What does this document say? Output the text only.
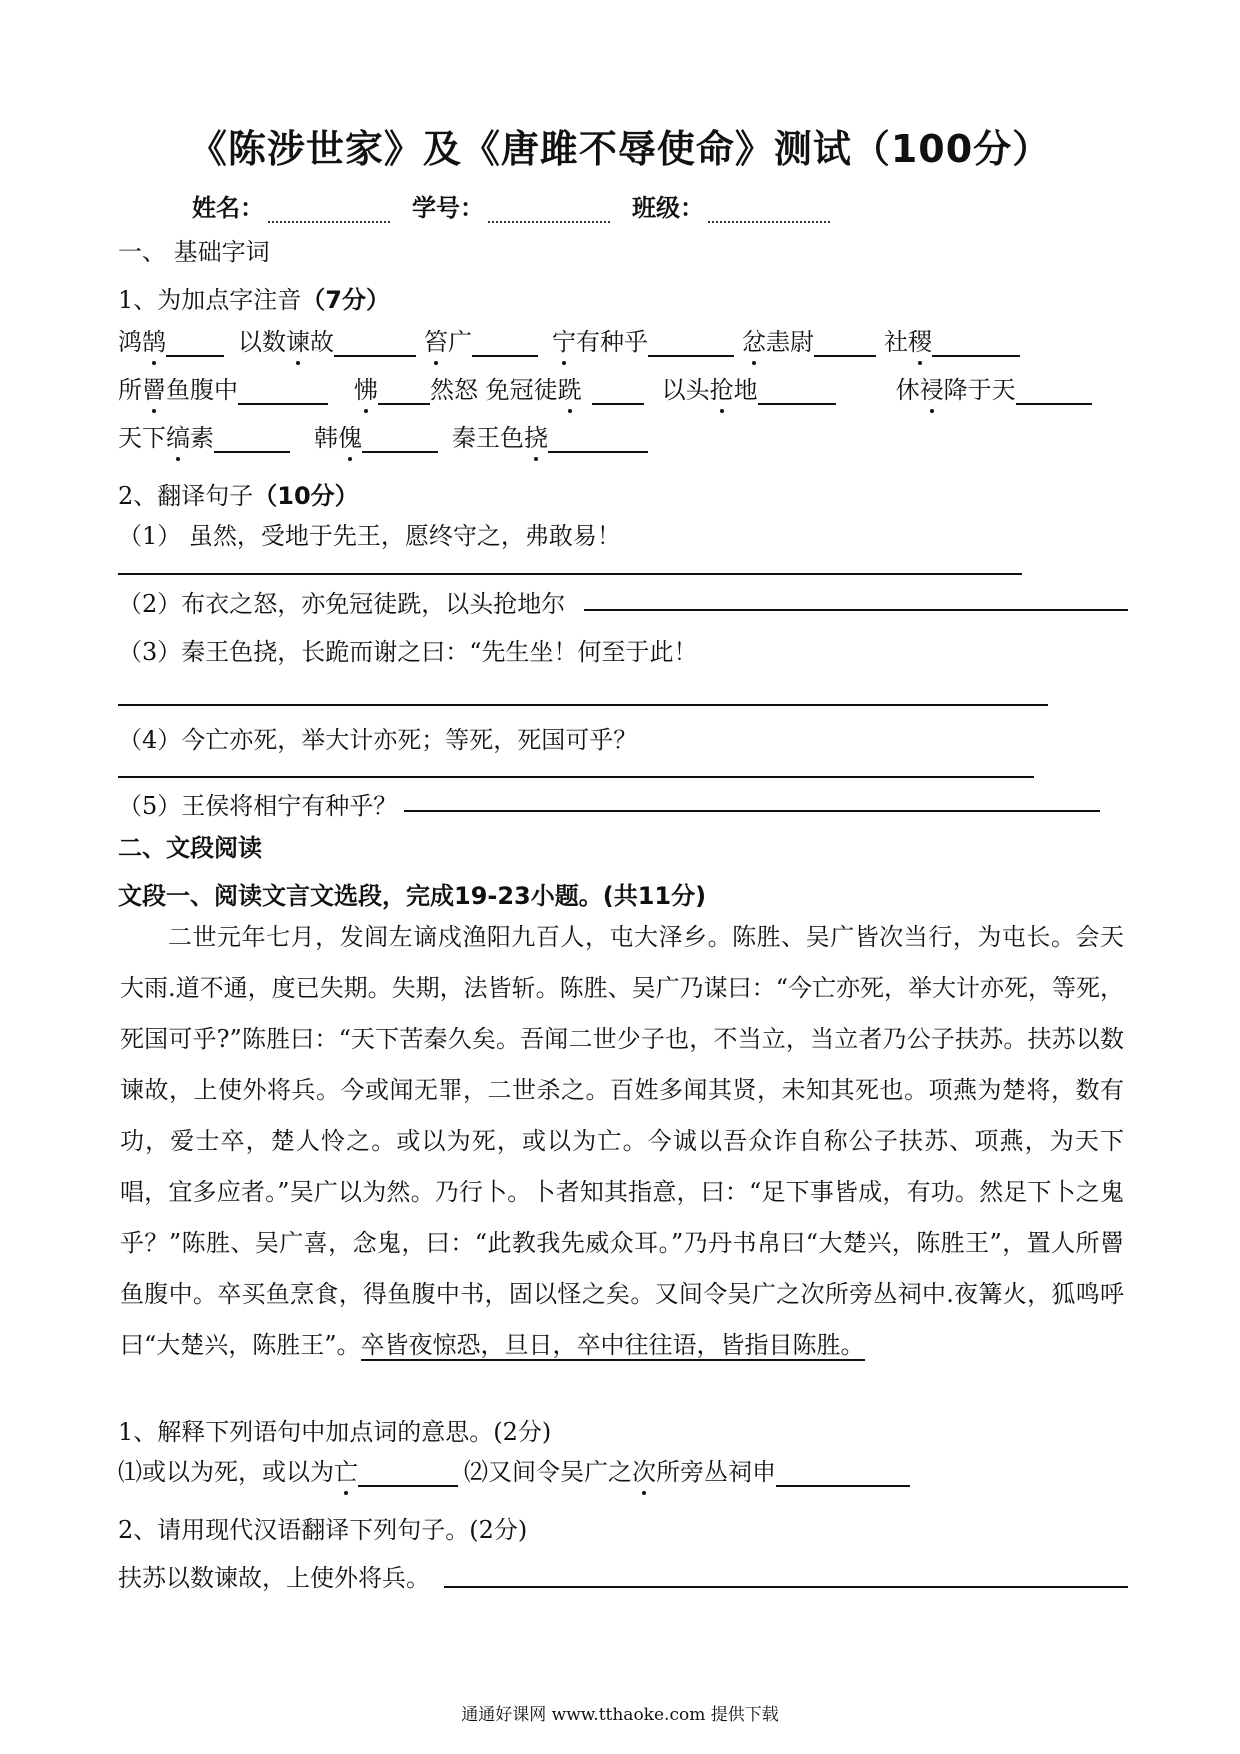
《陈涉世家》及《唐雎不辱使命》测试（100分）
姓名：	学号：	班级：
一、 基础字词
1、为加点字注音（7分）
鸿鹄	以数谏故	笞广	宁有种乎	忿恚尉	社稷
所罾鱼腹中	怫 然怒 免冠徒跣	以头抢地	休祲降于天
天下缟素	韩傀	秦王色挠
2、翻译句子（10分）
（1） 虽然，受地于先王，愿终守之，弗敢易！
（2）布衣之怒，亦免冠徒跣，以头抢地尔
（3）秦王色挠，长跪而谢之曰：“先生坐！何至于此！
（4）今亡亦死，举大计亦死；等死，死国可乎？
（5）王侯将相宁有种乎？
二、文段阅读
文段一、阅读文言文选段，完成19-23小题。(共11分)

二世元年七月，发闾左谪戍渔阳九百人，屯大泽乡。陈胜、吴广皆次当行，为屯长。会天大雨.道不通，度已失期。失期，法皆斩。陈胜、吴广乃谋曰：“今亡亦死，举大计亦死，等死，死国可乎?”陈胜曰：“天下苦秦久矣。吾闻二世少子也，不当立，当立者乃公子扶苏。扶苏以数谏故，上使外将兵。今或闻无罪，二世杀之。百姓多闻其贤，未知其死也。项燕为楚将，数有功，爱士卒，楚人怜之。或以为死，或以为亡。今诚以吾众诈自称公子扶苏、项燕，为天下唱，宜多应者。”吴广以为然。乃行卜。卜者知其指意，曰：“足下事皆成，有功。然足下卜之鬼乎？”陈胜、吴广喜，念鬼，曰：“此教我先威众耳。”乃丹书帛曰“大楚兴，陈胜王”，置人所罾鱼腹中。卒买鱼烹食，得鱼腹中书，固以怪之矣。又间令吴广之次所旁丛祠中.夜篝火，狐鸣呼曰“大楚兴，陈胜王”。卒皆夜惊恐，旦日，卒中往往语，皆指目陈胜。

1、解释下列语句中加点词的意思。(2分)
⑴或以为死，或以为亡	⑵又间令吴广之次所旁丛祠申
2、请用现代汉语翻译下列句子。(2分)
扶苏以数谏故，上使外将兵。
通通好课网 www.tthaoke.com 提供下载
